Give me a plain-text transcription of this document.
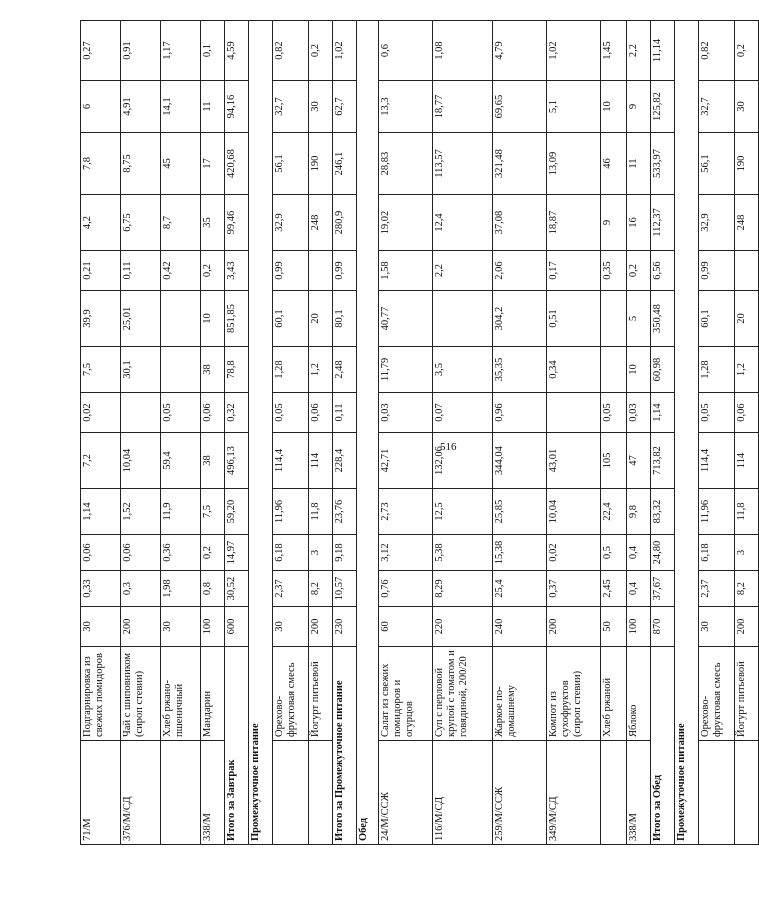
71/М	Подгарнировка из свежих помидоров	30	0,33	0,06	1,14	7,2	0,02	7,5	39,9	0,21	4,2	7,8	6	0,27
376/М/СД	Чай с шиповником (сироп стевии)	200	0,3	0,06	1,52	10,04		30,1	25,01	0,11	6,75	8,75	4,91	0,91
	Хлеб ржано-пшеничный	30	1,98	0,36	11,9	59,4	0,05			0,42	8,7	45	14,1	1,17
338/М	Мандарин	100	0,8	0,2	7,5	38	0,06	38	10	0,2	35	17	11	0,1
Итого за Завтрак		600	30,52	14,97	59,20	496,13	0,32	78,8	851,85	3,43	99,46	420,68	94,16	4,59
Промежуточное питание														
	Орехово-фруктовая смесь	30	2,37	6,18	11,96	114,4	0,05	1,28	60,1	0,99	32,9	56,1	32,7	0,82
	Йогурт питьевой	200	8,2	3	11,8	114	0,06	1,2	20		248	190	30	0,2
Итого за Промежуточное питание		230	10,57	9,18	23,76	228,4	0,11	2,48	80,1	0,99	280,9	246,1	62,7	1,02
Обед														
24/М/ССЖ	Салат из свежих помидоров и огурцов	60	0,76	3,12	2,73	42,71	0,03	11,79	40,77	1,58	19,02	28,83	13,3	0,6
116/М/СД	Суп с перловой крупой с томатом и говядиной, 200/20	220	8,29	5,38	12,5	132,06	0,07	3,5		2,2	12,4	113,57	18,77	1,08
259/М/ССЖ	Жаркое по-домашнему	240	25,4	15,38	25,85	344,04	0,96	35,35	304,2	2,06	37,08	321,48	69,65	4,79
349/М/СД	Компот из сухофруктов (сироп стевии)	200	0,37	0,02	10,04	43,01		0,34	0,51	0,17	18,87	13,09	5,1	1,02
	Хлеб ржаной	50	2,45	0,5	22,4	105	0,05			0,35	9	46	10	1,45
338/М	Яблоко	100	0,4	0,4	9,8	47	0,03	10	5	0,2	16	11	9	2,2
Итого за Обед		870	37,67	24,80	83,32	713,82	1,14	60,98	350,48	6,56	112,37	533,97	125,82	11,14
Промежуточное питание														
	Орехово-фруктовая смесь	30	2,37	6,18	11,96	114,4	0,05	1,28	60,1	0,99	32,9	56,1	32,7	0,82
	Йогурт питьевой	200	8,2	3	11,8	114	0,06	1,2	20		248	190	30	0,2
516
